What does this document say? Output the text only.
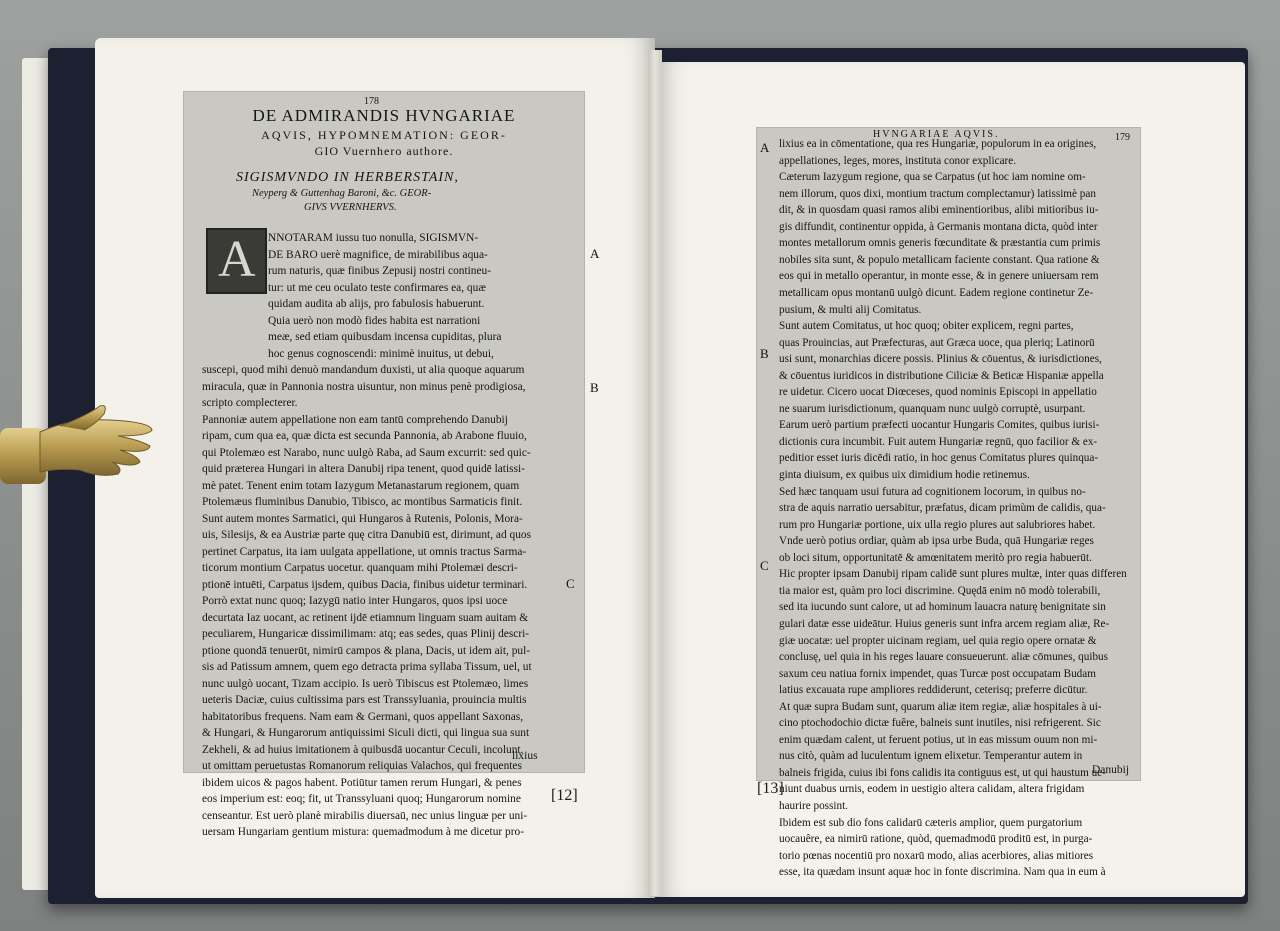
178
DE ADMIRANDIS HVNGARIAE
AQVIS, HYPOMNEMATION: GEOR-
GIO Vuernhero authore.
SIGISMVNDO IN HERBERSTAIN,
Neyperg & Guttenhag Baroni, &c. GEOR-
GIVS VVERNHERVS.
A NNOTARAM iussu tuo nonulla, SIGISMVN-
DE BARO uerè magnifice, de mirabilibus aqua-
rum naturis, quæ finibus Zepusij nostri contineu-
tur: ut me ceu oculato teste confirmares ea, quæ
quidam audita ab alijs, pro fabulosis habuerunt.
Quia uerò non modò fides habita est narrationi
meæ, sed etiam quibusdam incensa cupiditas, plura
hoc genus cognoscendi: minimè inuitus, ut debui,
suscepi, quod mihi denuò mandandum duxisti, ut alia quoque aquarum
miracula, quæ in Pannonia nostra uisuntur, non minus penè prodigiosa,
scripto complecterer.
Pannoniæ autem appellatione non eam tantū comprehendo Danubij
ripam, cum qua ea, quæ dicta est secunda Pannonia, ab Arabone fluuio,
qui Ptolemæo est Narabo, nunc uulgò Raba, ad Saum excurrit: sed quic-
quid præterea Hungari in altera Danubij ripa tenent, quod quidē latissi-
mè patet. Tenent enim totam Iazygum Metanastarum regionem, quam
Ptolemæus fluminibus Danubio, Tibisco, ac montibus Sarmaticis finit.
Sunt autem montes Sarmatici, qui Hungaros à Rutenis, Polonis, Mora-
uis, Silesijs, & ea Austriæ parte quę citra Danubiū est, dirimunt, ad quos
pertinet Carpatus, ita iam uulgata appellatione, ut omnis tractus Sarma-
ticorum montium Carpatus uocetur. quanquam mihi Ptolemæi descri-
ptionē intuēti, Carpatus ijsdem, quibus Dacia, finibus uidetur terminari.
Porrò extat nunc quoq; Iazygū natio inter Hungaros, quos ipsi uoce
decurtata Iaz uocant, ac retinent ijdē etiamnum linguam suam auitam &
peculiarem, Hungaricæ dissimilimam: atq; eas sedes, quas Plinij descri-
ptione quondā tenuerūt, nimirū campos & plana, Dacis, ut idem ait, pul-
sis ad Patissum amnem, quem ego detracta prima syllaba Tissum, uel, ut
nunc uulgò uocant, Tizam accipio. Is uerò Tibiscus est Ptolemæo, limes
ueteris Daciæ, cuius cultissima pars est Transsyluania, prouincia multis
habitatoribus frequens. Nam eam & Germani, quos appellant Saxonas,
& Hungari, & Hungarorum antiquissimi Siculi dicti, qui lingua sua sunt
Zekheli, & ad huius imitationem à quibusdā uocantur Ceculi, incolunt.
ut omittam peruetustas Romanorum reliquias Valachos, qui frequentes
ibidem uicos & pagos habent. Potiūtur tamen rerum Hungari, & penes
eos imperium est: eoq; fit, ut Transsyluani quoq; Hungarorum nomine
censeantur. Est uerò planè mirabilis diuersaū, nec unius linguæ per uni-
uersam Hungariam gentium mistura: quemadmodum à me dicetur pro-
lixius
A
B
C
[12]
HVNGARIAE AQVIS.	179
lixius ea in cōmentatione, qua res Hungariæ, populorum in ea origines,
appellationes, leges, mores, instituta conor explicare.
Cæterum Iazygum regione, qua se Carpatus (ut hoc iam nomine om-
nem illorum, quos dixi, montium tractum complectamur) latissimè pan
dit, & in quosdam quasi ramos alibi eminentioribus, alibi mitioribus iu-
gis diffundit, continentur oppida, à Germanis montana dicta, quòd inter
montes metallorum omnis generis fœcunditate & præstantia cum primis
nobiles sita sunt, & populo metallicam faciente constant. Qua ratione &
eos qui in metallo operantur, in monte esse, & in genere uniuersam rem
metallicam opus montanū uulgò dicunt. Eadem regione continetur Ze-
pusium, & multi alij Comitatus.
Sunt autem Comitatus, ut hoc quoq; obiter explicem, regni partes,
quas Prouincias, aut Præfecturas, aut Græca uoce, qua pleriq; Latinorū
usi sunt, monarchias dicere possis. Plinius & cōuentus, & iurisdictiones,
& cōuentus iuridicos in distributione Ciliciæ & Beticæ Hispaniæ appella
re uidetur. Cicero uocat Diœceses, quod nominis Episcopi in appellatio
ne suarum iurisdictionum, quanquam nunc uulgò corruptè, usurpant.
Earum uerò partium præfecti uocantur Hungaris Comites, quibus iurisi-
dictionis cura incumbit. Fuit autem Hungariæ regnū, quo facilior & ex-
peditior esset iuris dicēdi ratio, in hoc genus Comitatus plures quinqua-
ginta diuisum, ex quibus uix dimidium hodie retinemus.
Sed hæc tanquam usui futura ad cognitionem locorum, in quibus no-
stra de aquis narratio uersabitur, præfatus, dicam primùm de calidis, qua-
rum pro Hungariæ portione, uix ulla regio plures aut salubriores habet.
Vnde uerò potius ordiar, quàm ab ipsa urbe Buda, quā Hungariæ reges
ob loci situm, opportunitatē & amœnitatem meritò pro regia habuerūt.
Hic propter ipsam Danubij ripam calidē sunt plures multæ, inter quas differen
tia maior est, quàm pro loci discrimine. Quędā enim nō modò tolerabili,
sed ita iucundo sunt calore, ut ad hominum lauacra naturę benignitate sin
gulari datæ esse uideātur. Huius generis sunt infra arcem regiam aliæ, Re-
giæ uocatæ: uel propter uicinam regiam, uel quia regio opere ornatæ &
conclusę, uel quia in his reges lauare consueuerunt. aliæ cōmunes, quibus
saxum ceu natiua fornix impendet, quas Turcæ post occupatam Budam
latius excauata rupe ampliores reddiderunt, ceterisq; preferre dicūtur.
At quæ supra Budam sunt, quarum aliæ item regiæ, aliæ hospitales à ui-
cino ptochodochio dictæ fuêre, balneis sunt inutiles, nisi refrigerent. Sic
enim quædam calent, ut feruent potius, ut in eas missum ouum non mi-
nus citò, quàm ad luculentum ignem elixetur. Temperantur autem in
balneis frigida, cuius ibi fons calidis ita contiguus est, ut qui haustum ue-
niunt duabus urnis, eodem in uestigio altera calidam, altera frigidam
haurire possint.
Ibidem est sub dio fons calidarū cæteris amplior, quem purgatorium
uocauêre, ea nimirū ratione, quòd, quemadmodū proditū est, in purga-
torio pœnas nocentiū pro noxarū modo, alias acerbiores, alias mitiores
esse, ita quædam insunt aquæ hoc in fonte discrimina. Nam qua in eum à
Danubij
A
B
C
[13]
